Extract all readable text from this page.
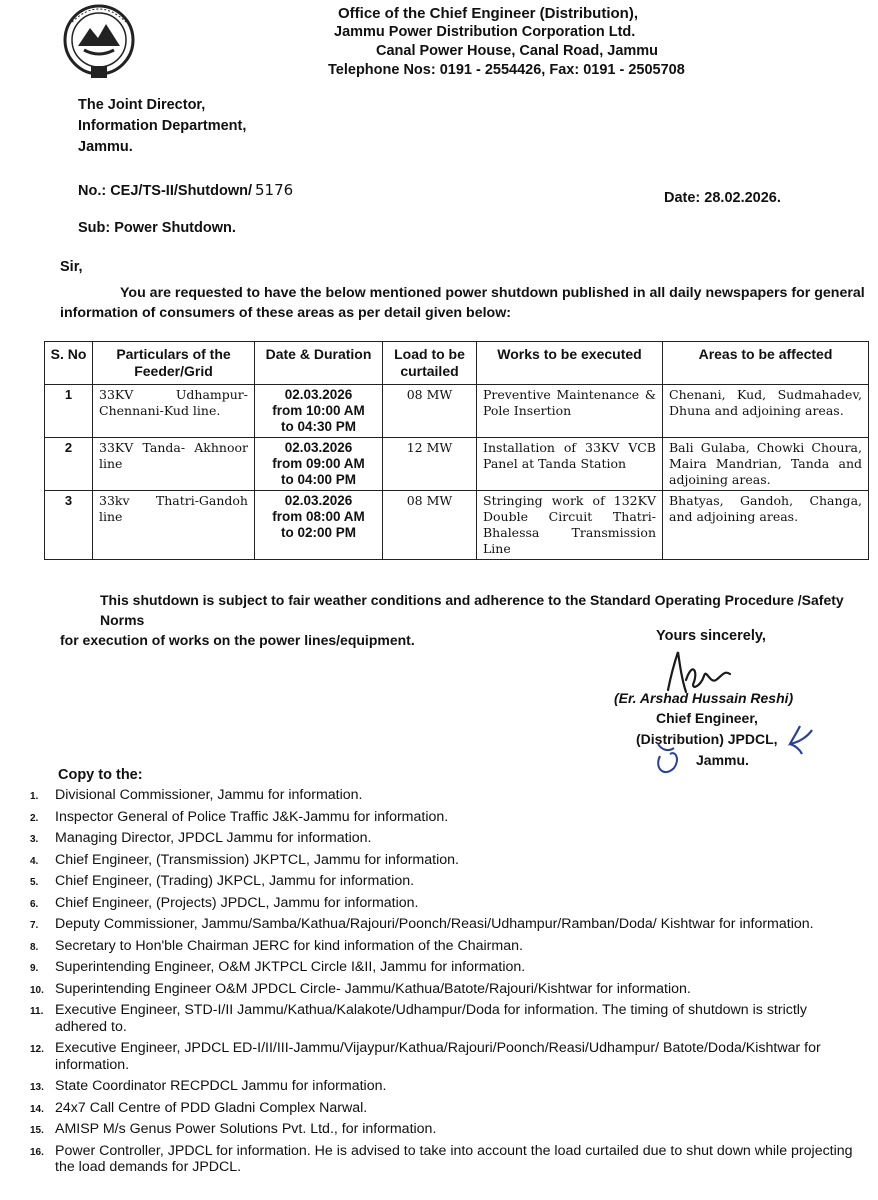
Office of the Chief Engineer (Distribution),
Jammu Power Distribution Corporation Ltd.
Canal Power House, Canal Road, Jammu
Telephone Nos: 0191 - 2554426, Fax: 0191 - 2505708
The Joint Director,
Information Department,
Jammu.
No.: CEJ/TS-II/Shutdown/ 5176	Date: 28.02.2026.
Sub: Power Shutdown.
Sir,
You are requested to have the below mentioned power shutdown published in all daily newspapers for general
information of consumers of these areas as per detail given below:
S. No	Particulars of the Feeder/Grid	Date & Duration	Load to be curtailed	Works to be executed	Areas to be affected
1	33KV Udhampur-Chennani-Kud line.	02.03.2026
from 10:00 AM
to 04:30 PM	08 MW	Preventive Maintenance & Pole Insertion	Chenani, Kud, Sudmahadev, Dhuna and adjoining areas.
2	33KV Tanda- Akhnoor line	02.03.2026
from 09:00 AM
to 04:00 PM	12 MW	Installation of 33KV VCB Panel at Tanda Station	Bali Gulaba, Chowki Choura, Maira Mandrian, Tanda and adjoining areas.
3	33kv Thatri-Gandoh line	02.03.2026
from 08:00 AM
to 02:00 PM	08 MW	Stringing work of 132KV Double Circuit Thatri-Bhalessa Transmission Line	Bhatyas, Gandoh, Changa, and adjoining areas.
This shutdown is subject to fair weather conditions and adherence to the Standard Operating Procedure /Safety Norms
for execution of works on the power lines/equipment.	Yours sincerely,
(Er. Arshad Hussain Reshi)
Chief Engineer,
(Distribution) JPDCL,
Jammu.
Copy to the:
1. Divisional Commissioner, Jammu for information.
2. Inspector General of Police Traffic J&K-Jammu for information.
3. Managing Director, JPDCL Jammu for information.
4. Chief Engineer, (Transmission) JKPTCL, Jammu for information.
5. Chief Engineer, (Trading) JKPCL, Jammu for information.
6. Chief Engineer, (Projects) JPDCL, Jammu for information.
7. Deputy Commissioner, Jammu/Samba/Kathua/Rajouri/Poonch/Reasi/Udhampur/Ramban/Doda/ Kishtwar for information.
8. Secretary to Hon'ble Chairman JERC for kind information of the Chairman.
9. Superintending Engineer, O&M JKTPCL Circle I&II, Jammu for information.
10. Superintending Engineer O&M JPDCL Circle- Jammu/Kathua/Batote/Rajouri/Kishtwar for information.
11. Executive Engineer, STD-I/II Jammu/Kathua/Kalakote/Udhampur/Doda for information. The timing of shutdown is strictly adhered to.
12. Executive Engineer, JPDCL ED-I/II/III-Jammu/Vijaypur/Kathua/Rajouri/Poonch/Reasi/Udhampur/ Batote/Doda/Kishtwar for information.
13. State Coordinator RECPDCL Jammu for information.
14. 24x7 Call Centre of PDD Gladni Complex Narwal.
15. AMISP M/s Genus Power Solutions Pvt. Ltd., for information.
16. Power Controller, JPDCL for information. He is advised to take into account the load curtailed due to shut down while projecting the load demands for JPDCL.
